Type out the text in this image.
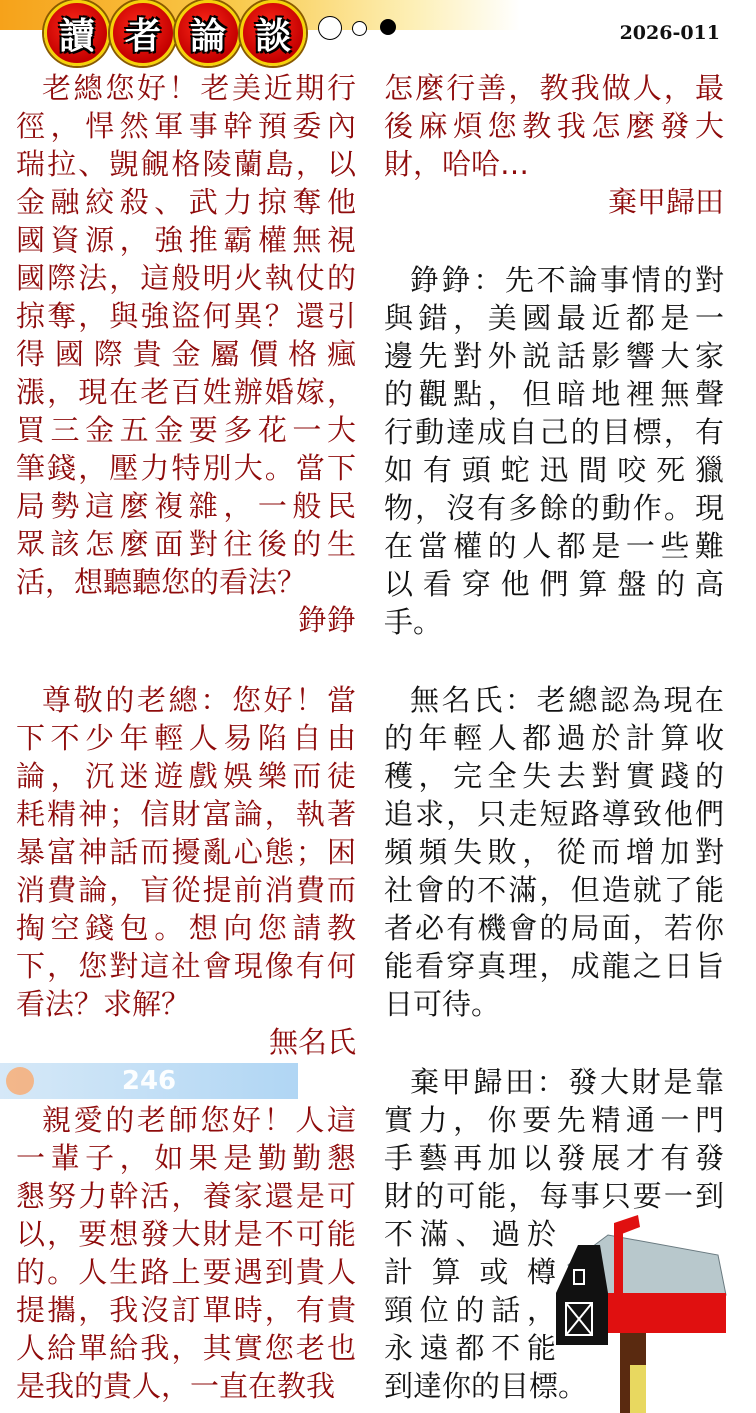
讀 者 論 談	2026-011
老總您好！老美近期行
徑，悍然軍事幹預委內
瑞拉、覬覦格陵蘭島，以
金融絞殺、武力掠奪他
國資源，強推霸權無視
國際法，這般明火執仗的
掠奪，與強盜何異？還引
得國際貴金屬價格瘋
漲，現在老百姓辦婚嫁，
買三金五金要多花一大
筆錢，壓力特別大。當下
局勢這麼複雜，一般民
眾該怎麼面對往後的生
活，想聽聽您的看法？
錚錚
尊敬的老總：您好！當
下不少年輕人易陷自由
論，沉迷遊戲娛樂而徒
耗精神；信財富論，執著
暴富神話而擾亂心態；困
消費論，盲從提前消費而
掏空錢包。想向您請教
下，您對這社會現像有何
看法？求解？
無名氏
親愛的老師您好！人這
一輩子，如果是勤勤懇
懇努力幹活，養家還是可
以，要想發大財是不可能
的。人生路上要遇到貴人
提攜，我沒訂單時，有貴
人給單給我，其實您老也
是我的貴人，一直在教我
怎麼行善，教我做人，最
後麻煩您教我怎麼發大
財，哈哈…
棄甲歸田
錚錚：先不論事情的對
與錯，美國最近都是一
邊先對外説話影響大家
的觀點，但暗地裡無聲
行動達成自己的目標，有
如有頭蛇迅間咬死獵
物，沒有多餘的動作。現
在當權的人都是一些難
以看穿他們算盤的高
手。
無名氏：老總認為現在
的年輕人都過於計算收
穫，完全失去對實踐的
追求，只走短路導致他們
頻頻失敗，從而增加對
社會的不滿，但造就了能
者必有機會的局面，若你
能看穿真理，成龍之日旨
日可待。
棄甲歸田：發大財是靠
實力，你要先精通一門
手藝再加以發展才有發
財的可能，每事只要一到
不滿、過於
計算或樽
頸位的話，
永遠都不能
到達你的目標。
246
